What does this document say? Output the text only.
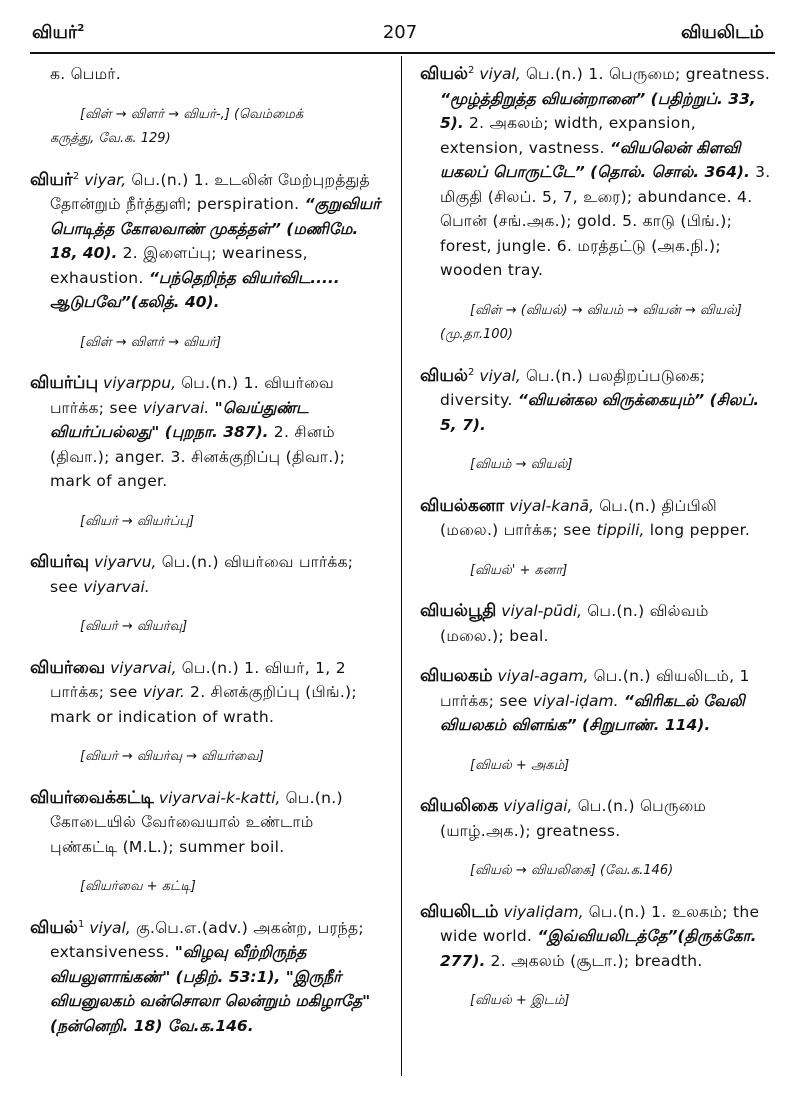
வியர்$^2$	207	வியலிடம்

க. பெமர்.

[விள் → விளர் → வியர்-,] (வெம்மைக்

கருத்து, வே.க. 129)

வியர்$^2$ viyar, பெ.(n.) 1. உடலின் மேற்புறத்துத் தோன்றும் நீர்த்துளி; perspiration. “குறுவியர் பொடித்த கோலவாண் முகத்தள்” (மணிமே. 18, 40). 2. இளைப்பு; weariness, exhaustion. “பந்தெறிந்த வியர்விட..... ஆடுபவே”(கலித். 40).

[விள் → விளர் → வியர்]

வியர்ப்பு viyarppu, பெ.(n.) 1. வியர்வை பார்க்க; see viyarvai. "வெய்துண்ட வியர்ப்பல்லது" (புறநா. 387). 2. சினம் (திவா.); anger. 3. சினக்குறிப்பு (திவா.); mark of anger.

[வியர் → வியர்ப்பு]

வியர்வு viyarvu, பெ.(n.) வியர்வை பார்க்க; see viyarvai.

[வியர் → வியர்வு]

வியர்வை viyarvai, பெ.(n.) 1. வியர், 1, 2 பார்க்க; see viyar. 2. சினக்குறிப்பு (பிங்.); mark or indication of wrath.

[வியர் → வியர்வு → வியர்வை]

வியர்வைக்கட்டி viyarvai-k-katti, பெ.(n.) கோடையில் வேர்வையால் உண்டாம் புண்கட்டி (M.L.); summer boil.

[வியர்வை + கட்டி]

வியல்$^1$ viyal, கு.பெ.எ.(adv.) அகன்ற, பரந்த; extansiveness. "விழவு வீற்றிருந்த வியலுளாங்கண்" (பதிற். 53:1), "இருநீர் வியனுலகம் வன்சொலா லென்றும் மகிழாதே" (நன்னெறி. 18) வே.க.146.

வியல்$^2$ viyal, பெ.(n.) 1. பெருமை; greatness. “மூழ்த்திறுத்த வியன்றானை” (பதிற்றுப். 33, 5). 2. அகலம்; width, expansion, extension, vastness. “வியலென் கிளவி யகலப் பொருட்டே” (தொல். சொல். 364). 3. மிகுதி (சிலப். 5, 7, உரை); abundance. 4. பொன் (சங்.அக.); gold. 5. காடு (பிங்.); forest, jungle. 6. மரத்தட்டு (அக.நி.); wooden tray.

[விள் → (வியல்) → வியம் → வியன் → வியல்]

(மு.தா.100)

வியல்$^2$ viyal, பெ.(n.) பலதிறப்படுகை; diversity. “வியன்கல விருக்கையும்” (சிலப். 5, 7).

[வியம் → வியல்]

வியல்கனா viyal-kanā, பெ.(n.) திப்பிலி (மலை.) பார்க்க; see tippili, long pepper.

[வியல்' + கனா]

வியல்பூதி viyal-pūdi, பெ.(n.) வில்வம் (மலை.); beal.

வியலகம் viyal-agam, பெ.(n.) வியலிடம், 1 பார்க்க; see viyal-iḍam. “விரிகடல் வேலி வியலகம் விளங்க” (சிறுபாண். 114).

[வியல் + அகம்]

வியலிகை viyaligai, பெ.(n.) பெருமை (யாழ்.அக.); greatness.

[வியல் → வியலிகை] (வே.க.146)

வியலிடம் viyaliḍam, பெ.(n.) 1. உலகம்; the wide world. “இவ்வியலிடத்தே”(திருக்கோ. 277). 2. அகலம் (சூடா.); breadth.

[வியல் + இடம்]
